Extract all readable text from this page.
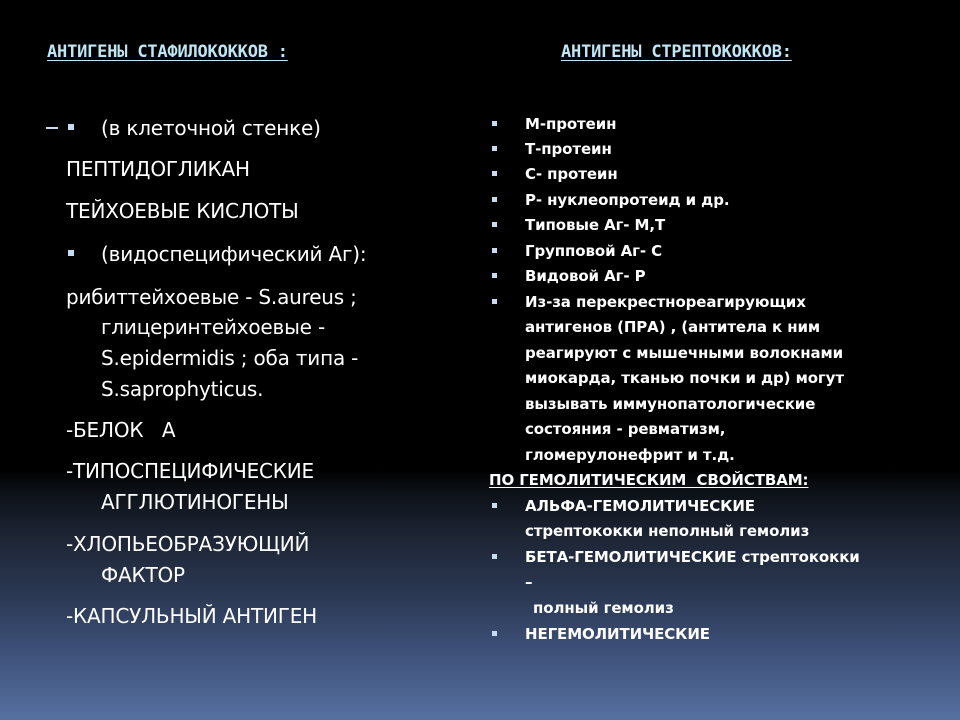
АНТИГЕНЫ СТАФИЛОКОККОВ :	АНТИГЕНЫ СТРЕПТОКОККОВ:
(в клеточной стенке)
ПЕПТИДОГЛИКАН
ТЕЙХОЕВЫЕ КИСЛОТЫ
(видоспецифический Аг):
рибиттейхоевые - S.aureus ;
глицеринтейхоевые -
S.epidermidis ; оба типа -
S.saprophyticus.
-БЕЛОК   А
-ТИПОСПЕЦИФИЧЕСКИЕ
АГГЛЮТИНОГЕНЫ
-ХЛОПЬЕОБРАЗУЮЩИЙ
ФАКТОР
-КАПСУЛЬНЫЙ АНТИГЕН
М-протеин
Т-протеин
С- протеин
Р- нуклеопротеид и др.
Типовые Аг- М,Т
Групповой Аг- С
Видовой Аг- Р
Из-за перекрестнореагирующих
антигенов (ПРА) , (антитела к ним
реагируют с мышечными волокнами
миокарда, тканью почки и др) могут
вызывать иммунопатологические
состояния - ревматизм,
гломерулонефрит и т.д.
ПО ГЕМОЛИТИЧЕСКИМ  СВОЙСТВАМ:
АЛЬФА-ГЕМОЛИТИЧЕСКИЕ
стрептококки неполный гемолиз
БЕТА-ГЕМОЛИТИЧЕСКИЕ стрептококки
–
полный гемолиз
НЕГЕМОЛИТИЧЕСКИЕ
